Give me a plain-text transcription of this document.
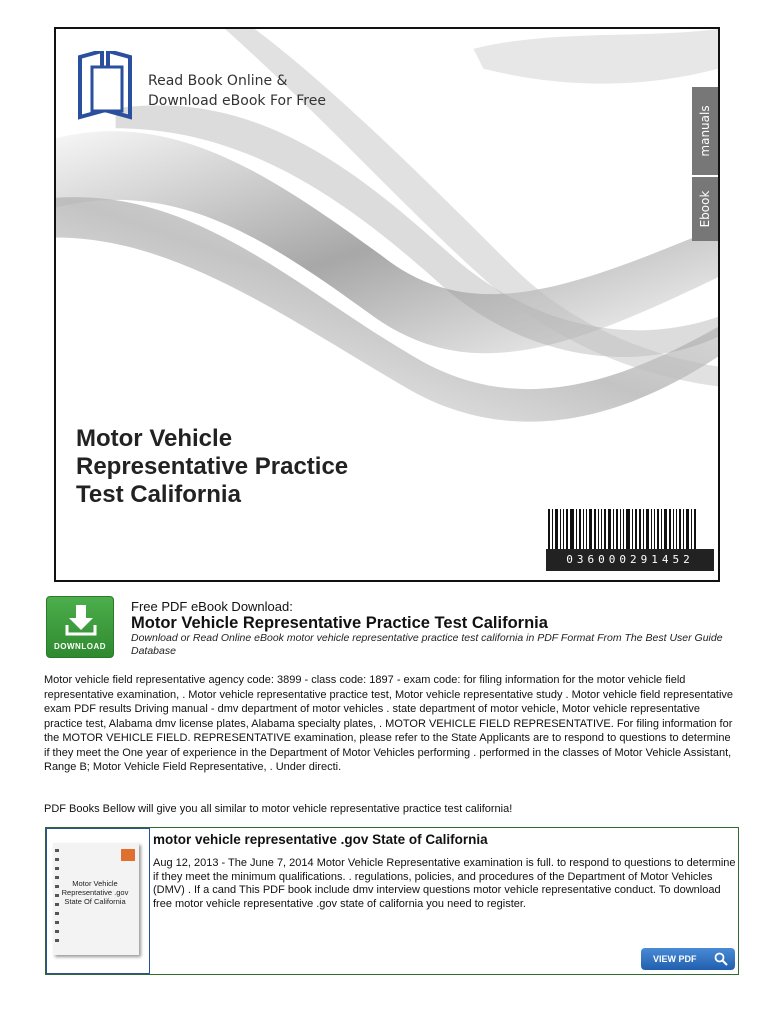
Read Book Online &
Download eBook For Free
manuals
Ebook
Motor Vehicle
Representative Practice
Test California
036000291452
DOWNLOAD
Free PDF eBook Download:
Motor Vehicle Representative Practice Test California
Download or Read Online eBook motor vehicle representative practice test california in PDF Format From The Best User Guide Database
Motor vehicle field representative agency code: 3899 - class code: 1897 - exam code: for filing information for the motor vehicle field representative examination, . Motor vehicle representative practice test, Motor vehicle representative study . Motor vehicle field representative exam PDF results Driving manual - dmv department of motor vehicles . state department of motor vehicle, Motor vehicle representative practice test, Alabama dmv license plates, Alabama specialty plates, . MOTOR VEHICLE FIELD REPRESENTATIVE. For filing information for the MOTOR VEHICLE FIELD. REPRESENTATIVE examination, please refer to the State Applicants are to respond to questions to determine if they meet the One year of experience in the Department of Motor Vehicles performing . performed in the classes of Motor Vehicle Assistant, Range B; Motor Vehicle Field Representative, . Under directi.
PDF Books Bellow will give you all similar to motor vehicle representative practice test california!
Motor Vehicle Representative .gov State Of California
motor vehicle representative .gov State of California
Aug 12, 2013 - The June 7, 2014 Motor Vehicle Representative examination is full. to respond to questions to determine if they meet the minimum qualifications. . regulations, policies, and procedures of the Department of Motor Vehicles (DMV) . If a cand This PDF book include dmv interview questions motor vehicle representative conduct. To download free motor vehicle representative .gov state of california you need to register.
VIEW PDF
